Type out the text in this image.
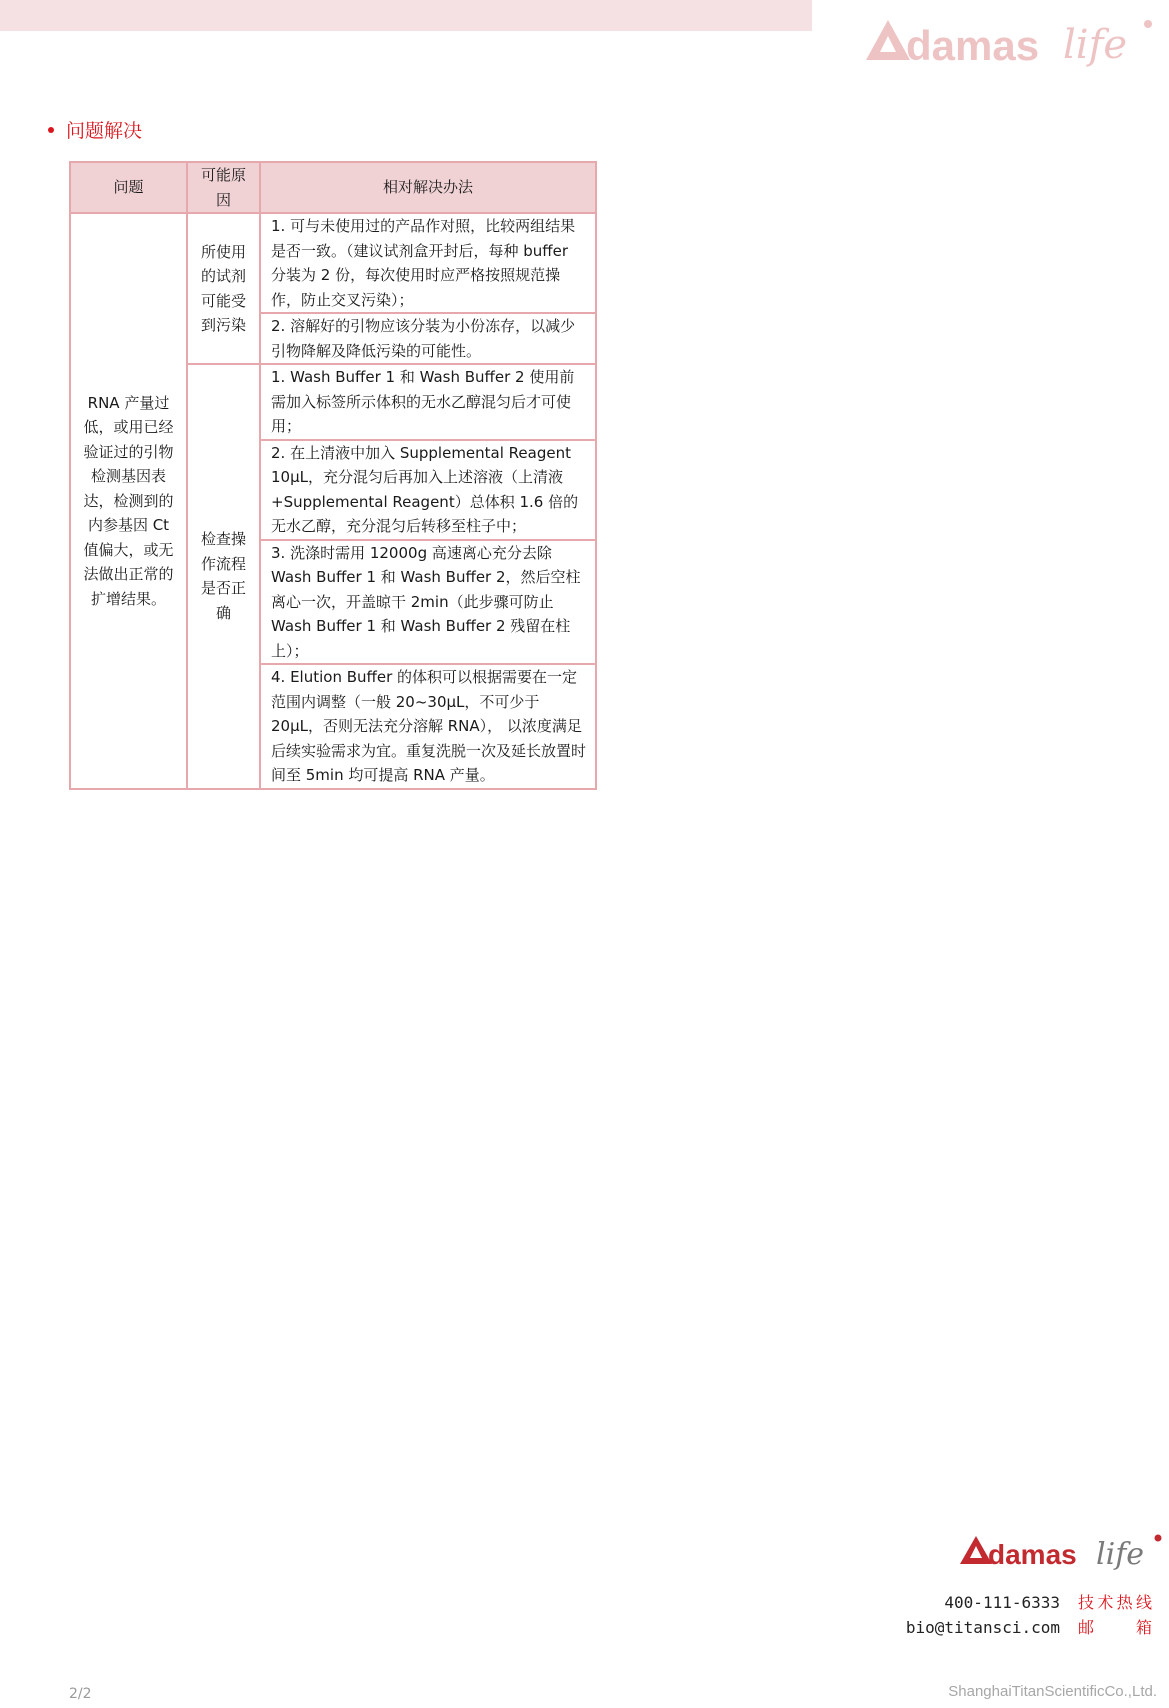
damas life
问题解决
问题	可能原因	相对解决办法
RNA 产量过低，或用已经验证过的引物检测基因表达，检测到的内参基因 Ct 值偏大，或无法做出正常的扩增结果。	所使用的试剂可能受到污染	1. 可与未使用过的产品作对照，比较两组结果是否一致。（建议试剂盒开封后，每种 buffer 分装为 2 份，每次使用时应严格按照规范操作，防止交叉污染）；
		2. 溶解好的引物应该分装为小份冻存，以减少引物降解及降低污染的可能性。
	检查操作流程是否正确	1. Wash Buffer 1 和 Wash Buffer 2 使用前需加入标签所示体积的无水乙醇混匀后才可使用；
		2. 在上清液中加入 Supplemental Reagent 10μL，充分混匀后再加入上述溶液（上清液+Supplemental Reagent）总体积 1.6 倍的无水乙醇，充分混匀后转移至柱子中；
		3. 洗涤时需用 12000g 高速离心充分去除 Wash Buffer 1 和 Wash Buffer 2，然后空柱离心一次，开盖晾干 2min（此步骤可防止 Wash Buffer 1 和 Wash Buffer 2 残留在柱上）；
		4. Elution Buffer 的体积可以根据需要在一定范围内调整（一般 20~30μL，不可少于 20μL，否则无法充分溶解 RNA）， 以浓度满足后续实验需求为宜。重复洗脱一次及延长放置时间至 5min 均可提高 RNA 产量。
damas life
400-111-6333 技术热线
bio@titansci.com 邮箱
2/2	ShanghaiTitanScientificCo.,Ltd.
